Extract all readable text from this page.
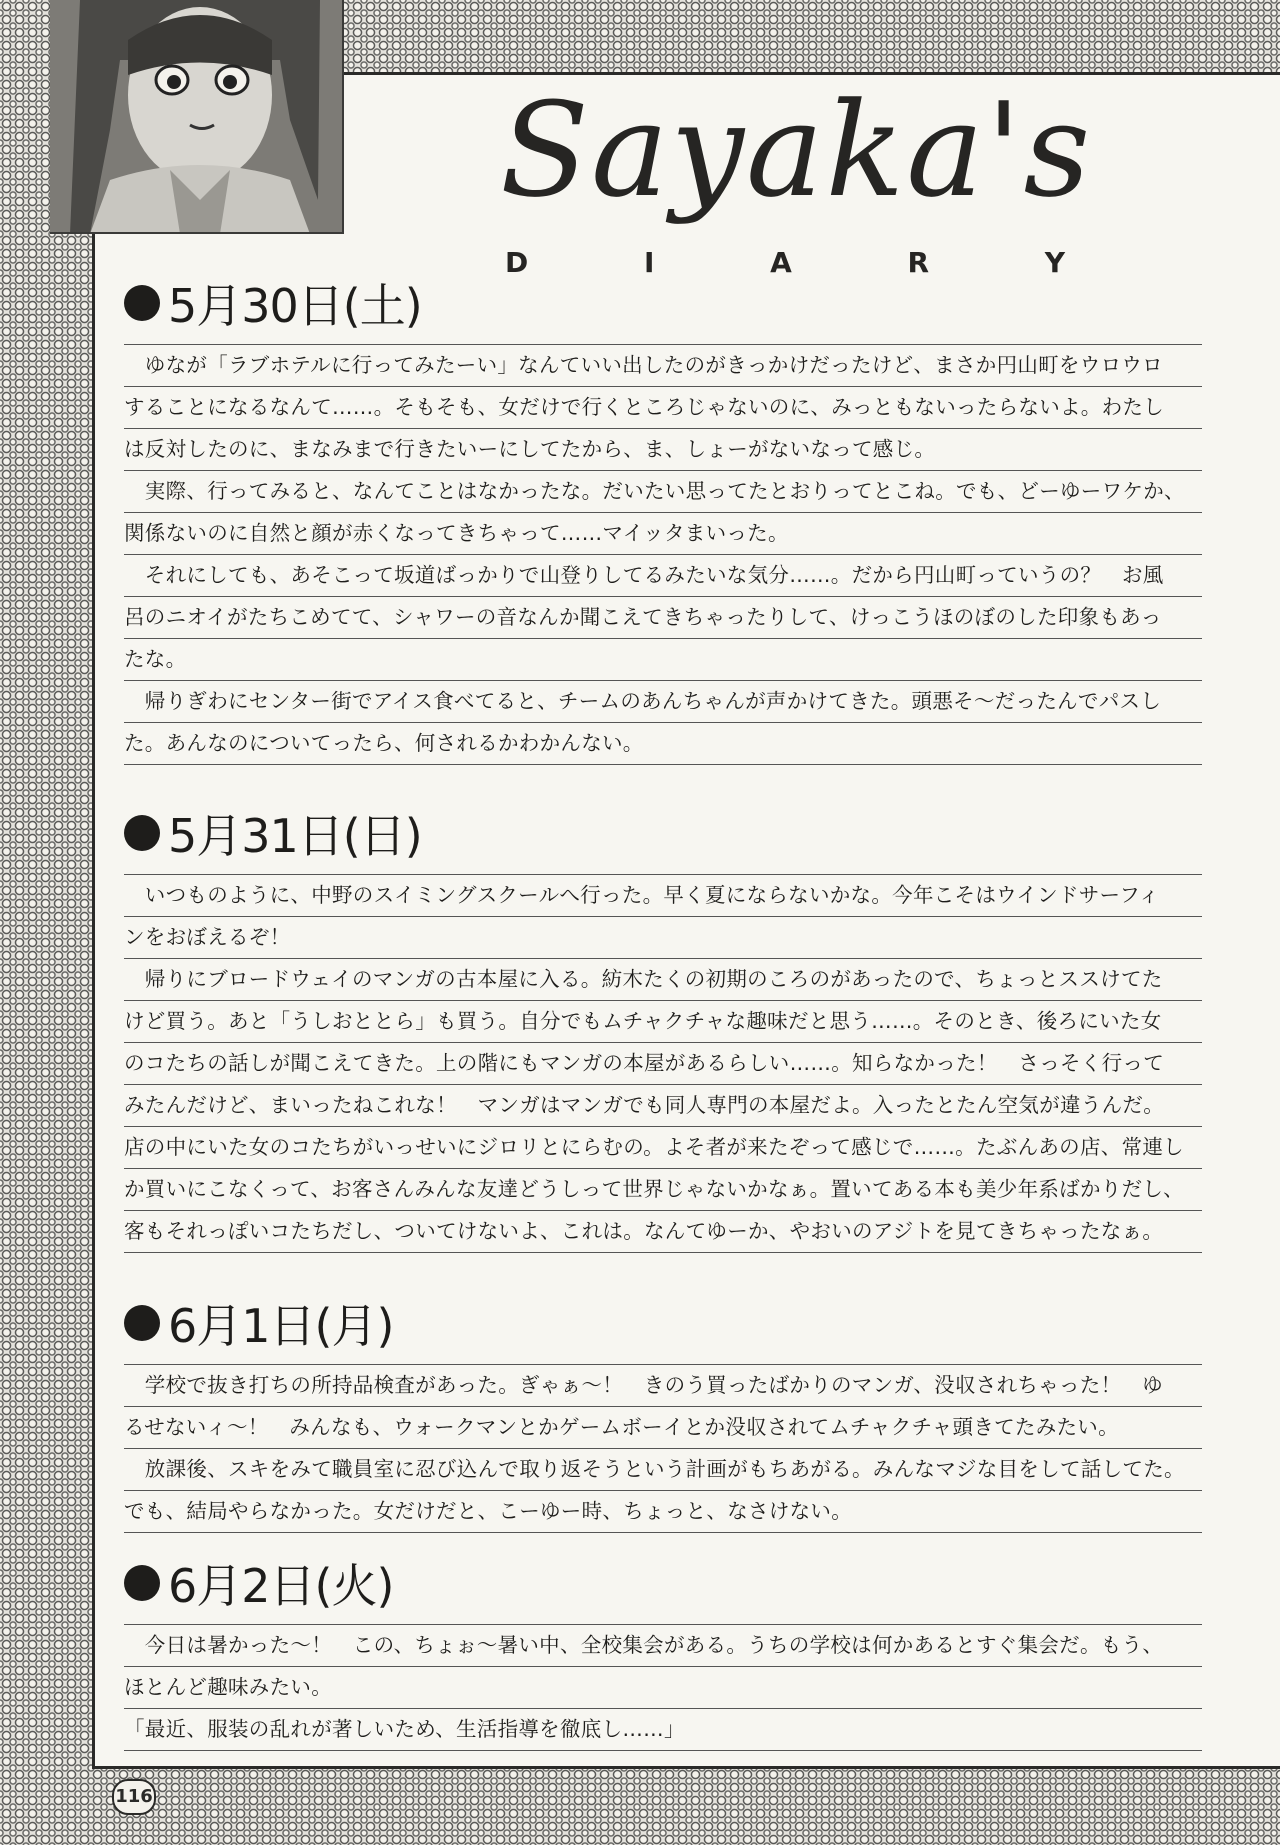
Sayaka's
D	I	A	R	Y
5月30日(土)
　ゆなが「ラブホテルに行ってみたーい」なんていい出したのがきっかけだったけど、まさか円山町をウロウロ
することになるなんて……。そもそも、女だけで行くところじゃないのに、みっともないったらないよ。わたし
は反対したのに、まなみまで行きたいーにしてたから、ま、しょーがないなって感じ。
　実際、行ってみると、なんてことはなかったな。だいたい思ってたとおりってとこね。でも、どーゆーワケか、
関係ないのに自然と顔が赤くなってきちゃって……マイッタまいった。
　それにしても、あそこって坂道ばっかりで山登りしてるみたいな気分……。だから円山町っていうの？　お風
呂のニオイがたちこめてて、シャワーの音なんか聞こえてきちゃったりして、けっこうほのぼのした印象もあっ
たな。
　帰りぎわにセンター街でアイス食べてると、チームのあんちゃんが声かけてきた。頭悪そ～だったんでパスし
た。あんなのについてったら、何されるかわかんない。
5月31日(日)
　いつものように、中野のスイミングスクールへ行った。早く夏にならないかな。今年こそはウインドサーフィ
ンをおぼえるぞ！
　帰りにブロードウェイのマンガの古本屋に入る。紡木たくの初期のころのがあったので、ちょっとススけてた
けど買う。あと「うしおととら」も買う。自分でもムチャクチャな趣味だと思う……。そのとき、後ろにいた女
のコたちの話しが聞こえてきた。上の階にもマンガの本屋があるらしい……。知らなかった！　さっそく行って
みたんだけど、まいったねこれな！　マンガはマンガでも同人専門の本屋だよ。入ったとたん空気が違うんだ。
店の中にいた女のコたちがいっせいにジロリとにらむの。よそ者が来たぞって感じで……。たぶんあの店、常連し
か買いにこなくって、お客さんみんな友達どうしって世界じゃないかなぁ。置いてある本も美少年系ばかりだし、
客もそれっぽいコたちだし、ついてけないよ、これは。なんてゆーか、やおいのアジトを見てきちゃったなぁ。
6月1日(月)
　学校で抜き打ちの所持品検査があった。ぎゃぁ～！　きのう買ったばかりのマンガ、没収されちゃった！　ゆ
るせないィ～！　みんなも、ウォークマンとかゲームボーイとか没収されてムチャクチャ頭きてたみたい。
　放課後、スキをみて職員室に忍び込んで取り返そうという計画がもちあがる。みんなマジな目をして話してた。
でも、結局やらなかった。女だけだと、こーゆー時、ちょっと、なさけない。
6月2日(火)
　今日は暑かった～！　この、ちょぉ～暑い中、全校集会がある。うちの学校は何かあるとすぐ集会だ。もう、
ほとんど趣味みたい。
「最近、服装の乱れが著しいため、生活指導を徹底し……」
116
